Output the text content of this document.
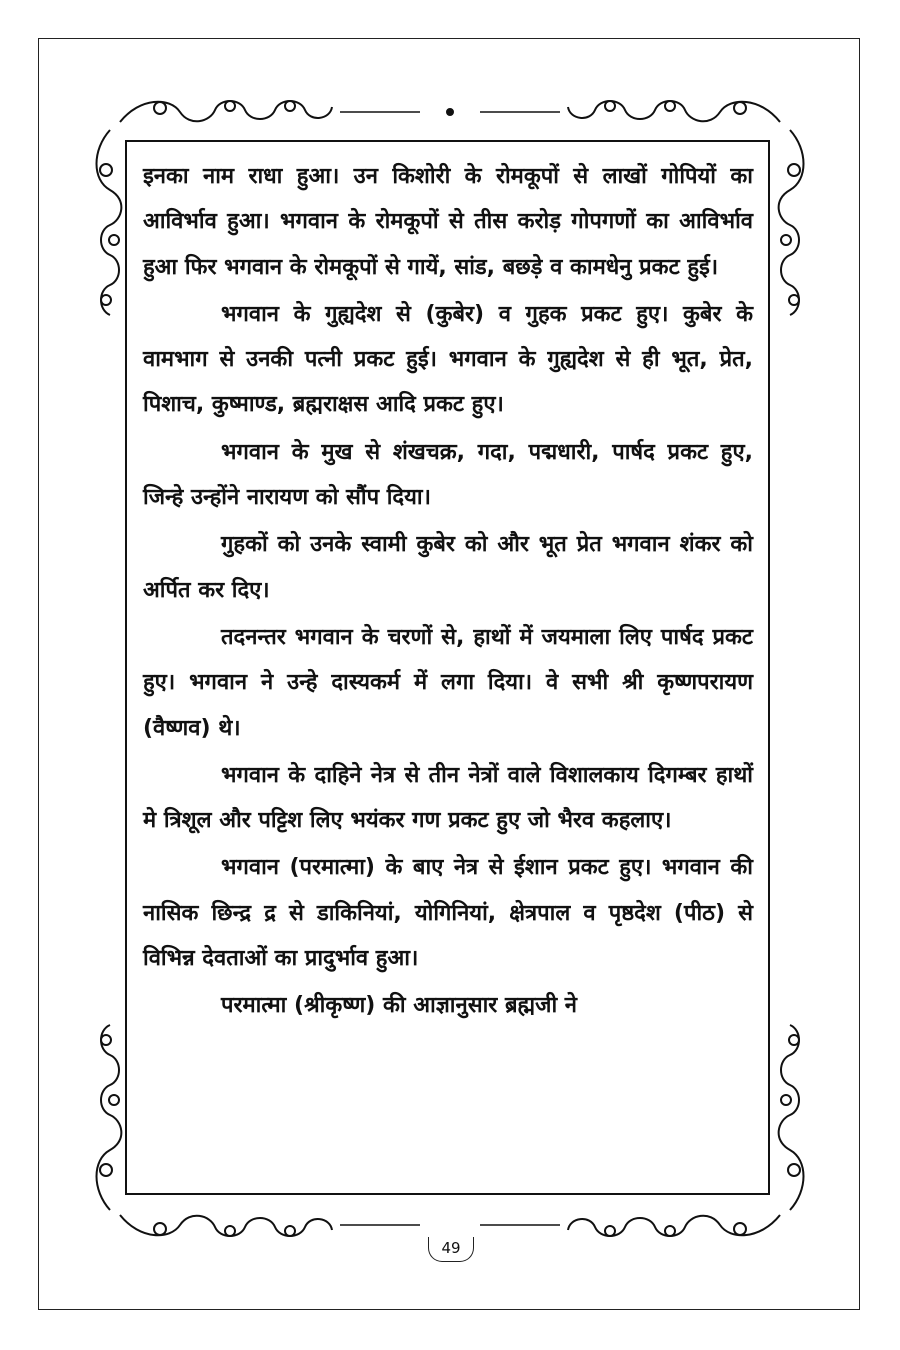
इनका नाम राधा हुआ। उन किशोरी के रोमकूपों से लाखों गोपियों का आविर्भाव हुआ। भगवान के रोमकूपों से तीस करोड़ गोपगणों का आविर्भाव हुआ फिर भगवान के रोमकूपों से गायें, सांड, बछड़े व कामधेनु प्रकट हुई।

भगवान के गुह्यदेश से (कुबेर) व गुहक प्रकट हुए। कुबेर के वामभाग से उनकी पत्नी प्रकट हुई। भगवान के गुह्यदेश से ही भूत, प्रेत, पिशाच, कुष्माण्ड, ब्रह्मराक्षस आदि प्रकट हुए।

भगवान के मुख से शंखचक्र, गदा, पद्मधारी, पार्षद प्रकट हुए, जिन्हे उन्होंने नारायण को सौंप दिया।

गुहकों को उनके स्वामी कुबेर को और भूत प्रेत भगवान शंकर को अर्पित कर दिए।

तदनन्तर भगवान के चरणों से, हाथों में जयमाला लिए पार्षद प्रकट हुए। भगवान ने उन्हे दास्यकर्म में लगा दिया। वे सभी श्री कृष्णपरायण (वैष्णव) थे।

भगवान के दाहिने नेत्र से तीन नेत्रों वाले विशालकाय दिगम्बर हाथों मे त्रिशूल और पट्टिश लिए भयंकर गण प्रकट हुए जो भैरव कहलाए।

भगवान (परमात्मा) के बाए नेत्र से ईशान प्रकट हुए। भगवान की नासिक छिन्द्र द्र से डाकिनियां, योगिनियां, क्षेत्रपाल व पृष्ठदेश (पीठ) से विभिन्न देवताओं का प्रादुर्भाव हुआ।

परमात्मा (श्रीकृष्ण) की आज्ञानुसार ब्रह्मजी ने

49
